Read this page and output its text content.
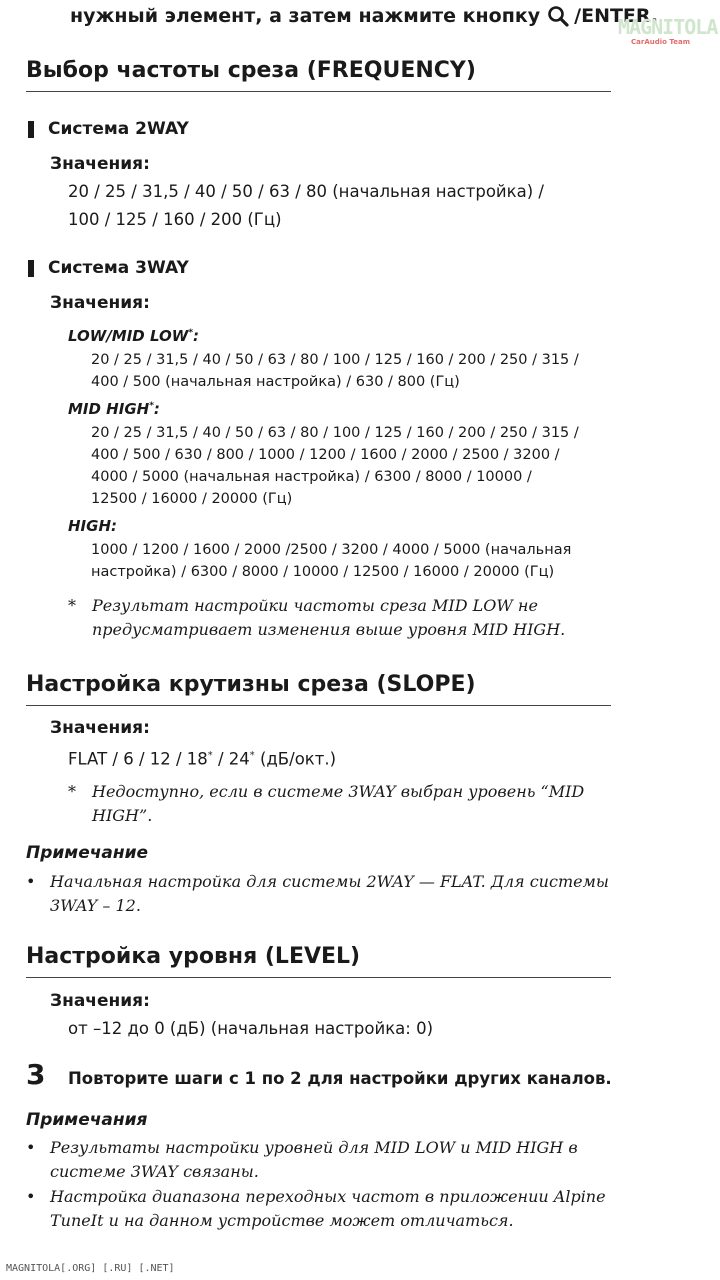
нужный элемент, а затем нажмите кнопку /ENTER.
MAGNITOLA
CarAudio Team
Выбор частоты среза (FREQUENCY)
Система 2WAY
Значения:
20 / 25 / 31,5 / 40 / 50 / 63 / 80 (начальная настройка) /
100 / 125 / 160 / 200 (Гц)
Система 3WAY
Значения:
LOW/MID LOW*:
20 / 25 / 31,5 / 40 / 50 / 63 / 80 / 100 / 125 / 160 / 200 / 250 / 315 /
400 / 500 (начальная настройка) / 630 / 800 (Гц)
MID HIGH*:
20 / 25 / 31,5 / 40 / 50 / 63 / 80 / 100 / 125 / 160 / 200 / 250 / 315 /
400 / 500 / 630 / 800 / 1000 / 1200 / 1600 / 2000 / 2500 / 3200 /
4000 / 5000 (начальная настройка) / 6300 / 8000 / 10000 /
12500 / 16000 / 20000 (Гц)
HIGH:
1000 / 1200 / 1600 / 2000 /2500 / 3200 / 4000 / 5000 (начальная
настройка) / 6300 / 8000 / 10000 / 12500 / 16000 / 20000 (Гц)
* Результат настройки частоты среза MID LOW не
предусматривает изменения выше уровня MID HIGH.
Настройка крутизны среза (SLOPE)
Значения:
FLAT / 6 / 12 / 18* / 24* (дБ/окт.)
* Недоступно, если в системе 3WAY выбран уровень “MID
HIGH”.
Примечание
• Начальная настройка для системы 2WAY — FLAT. Для системы
3WAY – 12.
Настройка уровня (LEVEL)
Значения:
от –12 до 0 (дБ) (начальная настройка: 0)
3 Повторите шаги с 1 по 2 для настройки других каналов.
Примечания
• Результаты настройки уровней для MID LOW и MID HIGH в
системе 3WAY связаны.
• Настройка диапазона переходных частот в приложении Alpine
TuneIt и на данном устройстве может отличаться.
MAGNITOLA[.ORG] [.RU] [.NET]
